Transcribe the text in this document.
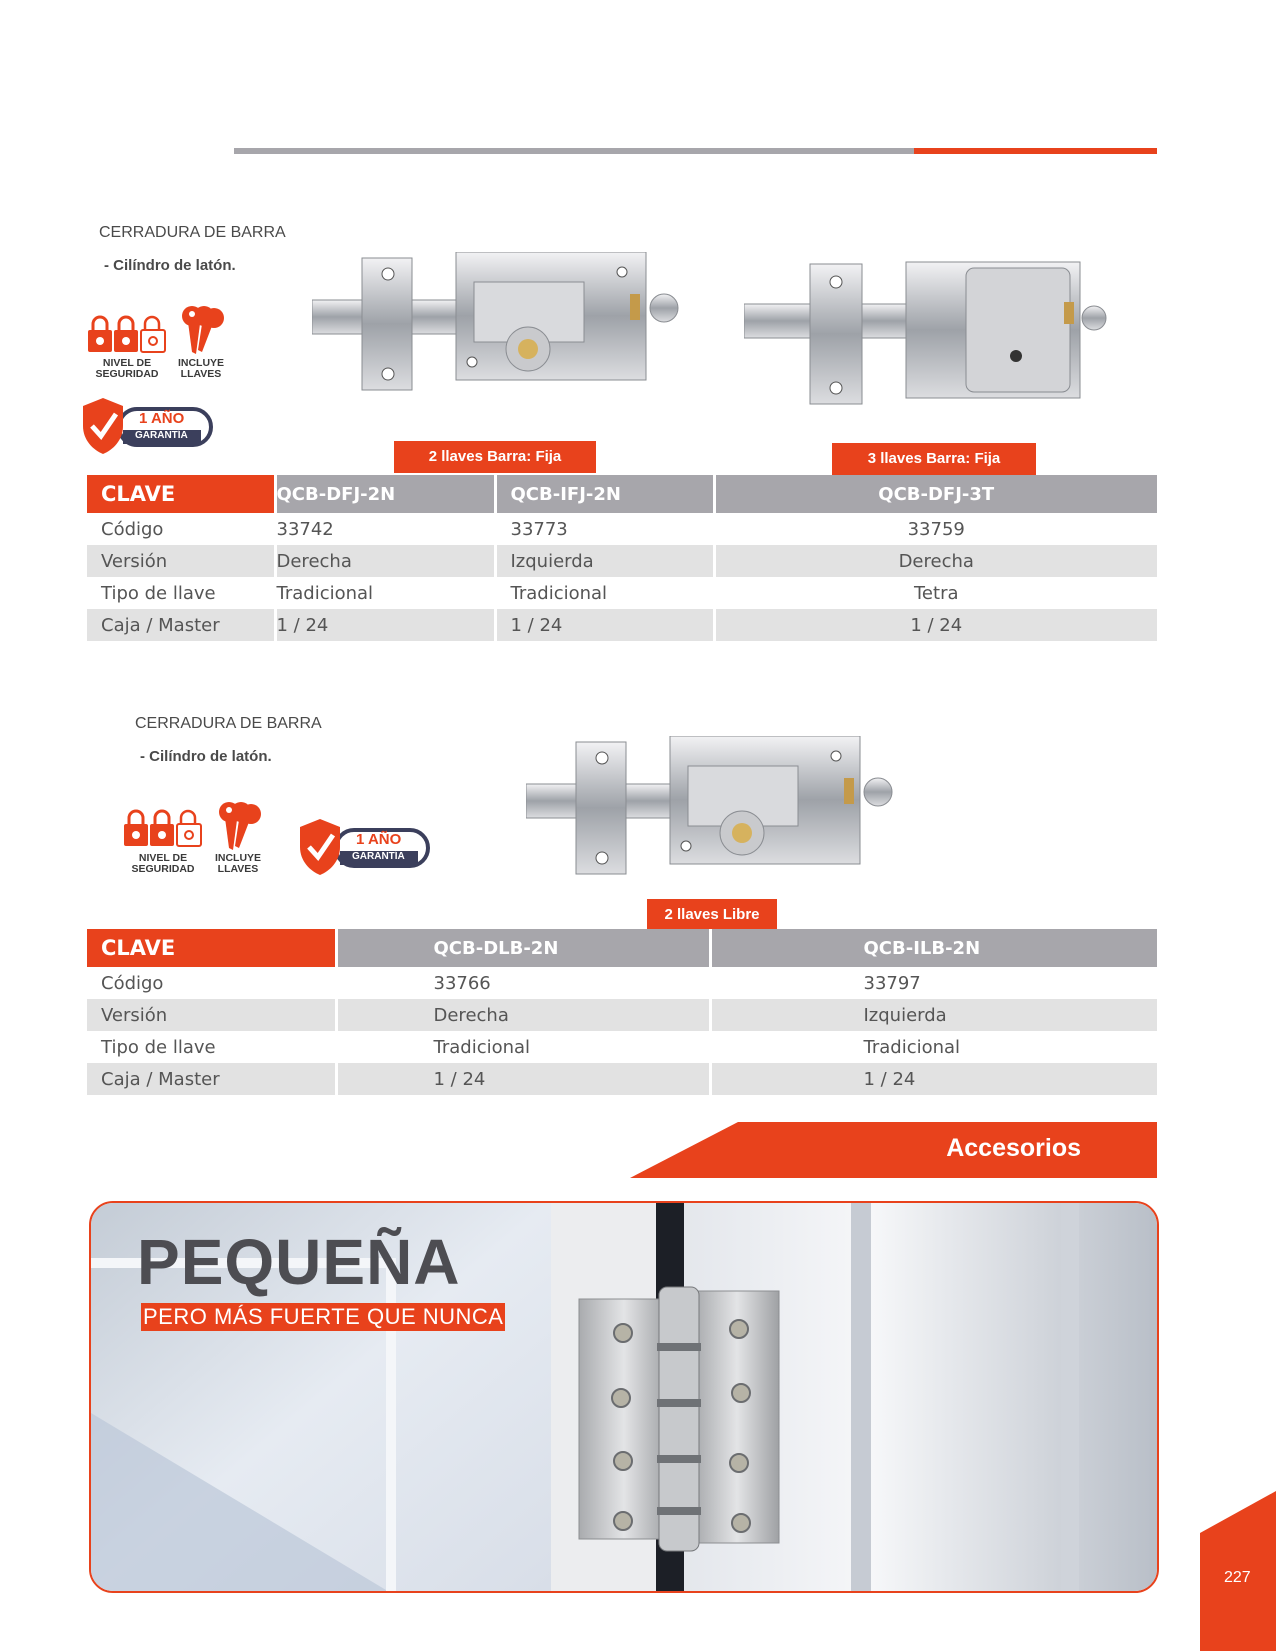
CERRADURA DE BARRA
- Cilíndro de latón.
NIVEL DE
SEGURIDAD
INCLUYE
LLAVES
1 AÑO
GARANTÍA
2 llaves Barra: Fija	3 llaves Barra: Fija
CLAVE	QCB-DFJ-2N	QCB-IFJ-2N	QCB-DFJ-3T
Código	33742	33773	33759
Versión	Derecha	Izquierda	Derecha
Tipo de llave	Tradicional	Tradicional	Tetra
Caja / Master	1 / 24	1 / 24	1 / 24
CERRADURA DE BARRA
- Cilíndro de latón.
NIVEL DE
SEGURIDAD
INCLUYE
LLAVES
1 AÑO
GARANTÍA
2 llaves Libre
CLAVE	QCB-DLB-2N	QCB-ILB-2N
Código	33766	33797
Versión	Derecha	Izquierda
Tipo de llave	Tradicional	Tradicional
Caja / Master	1 / 24	1 / 24
Accesorios
PEQUEÑA
PERO MÁS FUERTE QUE NUNCA
227
